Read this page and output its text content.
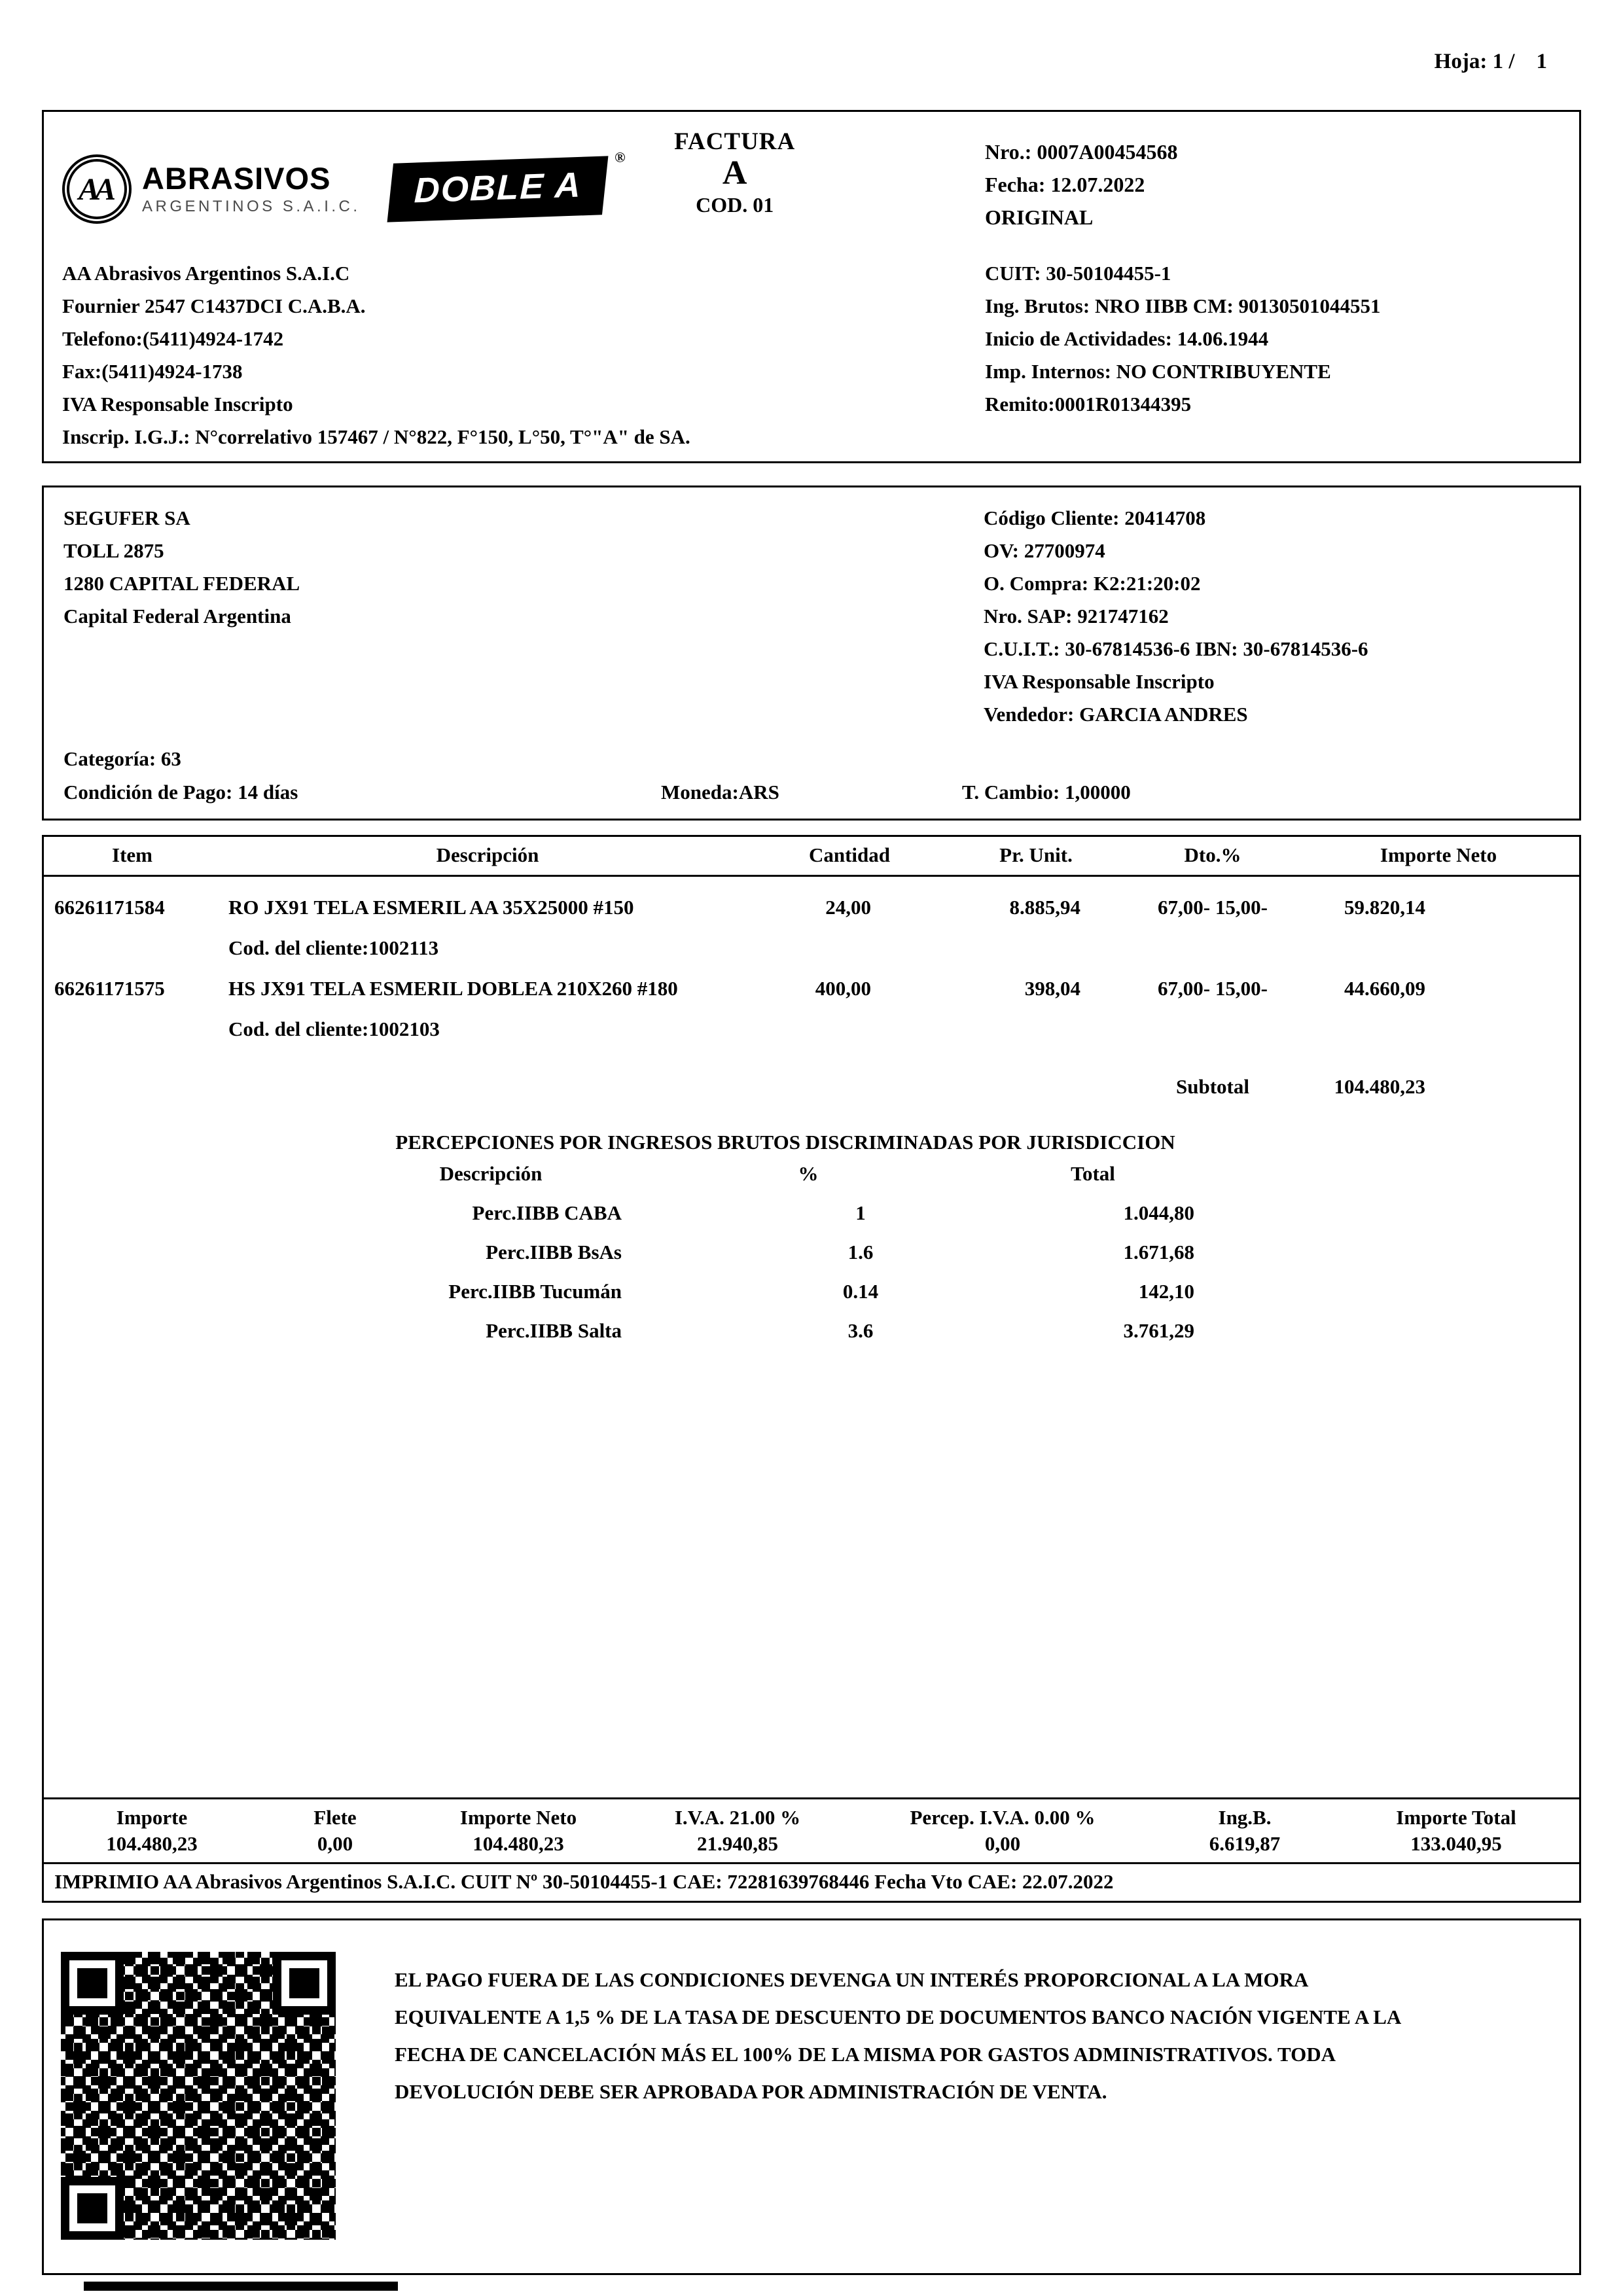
Hoja: 1 /    1
AA ABRASIVOS
ARGENTINOS S.A.I.C.	DOBLE A
®	Nro.: 0007A00454568
Fecha: 12.07.2022
ORIGINAL
AA Abrasivos Argentinos S.A.I.C
Fournier 2547 C1437DCI C.A.B.A.
Telefono:(5411)4924-1742
Fax:(5411)4924-1738
IVA Responsable Inscripto
Inscrip. I.G.J.: N°correlativo 157467 / N°822, F°150, L°50, T°"A" de SA.
CUIT: 30-50104455-1
Ing. Brutos: NRO IIBB CM: 90130501044551
Inicio de Actividades: 14.06.1944
Imp. Internos: NO CONTRIBUYENTE
Remito:0001R01344395
FACTURA
A
COD. 01
SEGUFER SA
TOLL 2875
1280 CAPITAL FEDERAL
Capital Federal Argentina
Categoría: 63
Código Cliente: 20414708
OV: 27700974
O. Compra: K2:21:20:02
Nro. SAP: 921747162
C.U.I.T.: 30-67814536-6 IBN: 30-67814536-6
IVA Responsable Inscripto
Vendedor: GARCIA ANDRES
Condición de Pago: 14 días	Moneda:ARS	T. Cambio: 1,00000
Item	Descripción	Cantidad	Pr. Unit.	Dto.%	Importe Neto
66261171584	RO JX91 TELA ESMERIL AA 35X25000 #150	24,00	8.885,94	67,00- 15,00-	59.820,14
Cod. del cliente:1002113
66261171575	HS JX91 TELA ESMERIL DOBLEA 210X260 #180	400,00	398,04	67,00- 15,00-	44.660,09
Cod. del cliente:1002103
Subtotal	104.480,23
PERCEPCIONES POR INGRESOS BRUTOS DISCRIMINADAS POR JURISDICCION
Descripción	%	Total
Perc.IIBB CABA	1	1.044,80
Perc.IIBB BsAs	1.6	1.671,68
Perc.IIBB Tucumán	0.14	142,10
Perc.IIBB Salta	3.6	3.761,29
Importe	Flete	Importe Neto	I.V.A. 21.00 %	Percep. I.V.A. 0.00 %	Ing.B.	Importe Total
104.480,23	0,00	104.480,23	21.940,85	0,00	6.619,87	133.040,95
IMPRIMIO AA Abrasivos Argentinos S.A.I.C. CUIT Nº 30-50104455-1 CAE: 72281639768446 Fecha Vto CAE: 22.07.2022
EL PAGO FUERA DE LAS CONDICIONES DEVENGA UN INTERÉS PROPORCIONAL A LA MORA
EQUIVALENTE A 1,5 % DE LA TASA DE DESCUENTO DE DOCUMENTOS BANCO NACIÓN VIGENTE A LA
FECHA DE CANCELACIÓN MÁS EL 100% DE LA MISMA POR GASTOS ADMINISTRATIVOS. TODA
DEVOLUCIÓN DEBE SER APROBADA POR ADMINISTRACIÓN DE VENTA.
